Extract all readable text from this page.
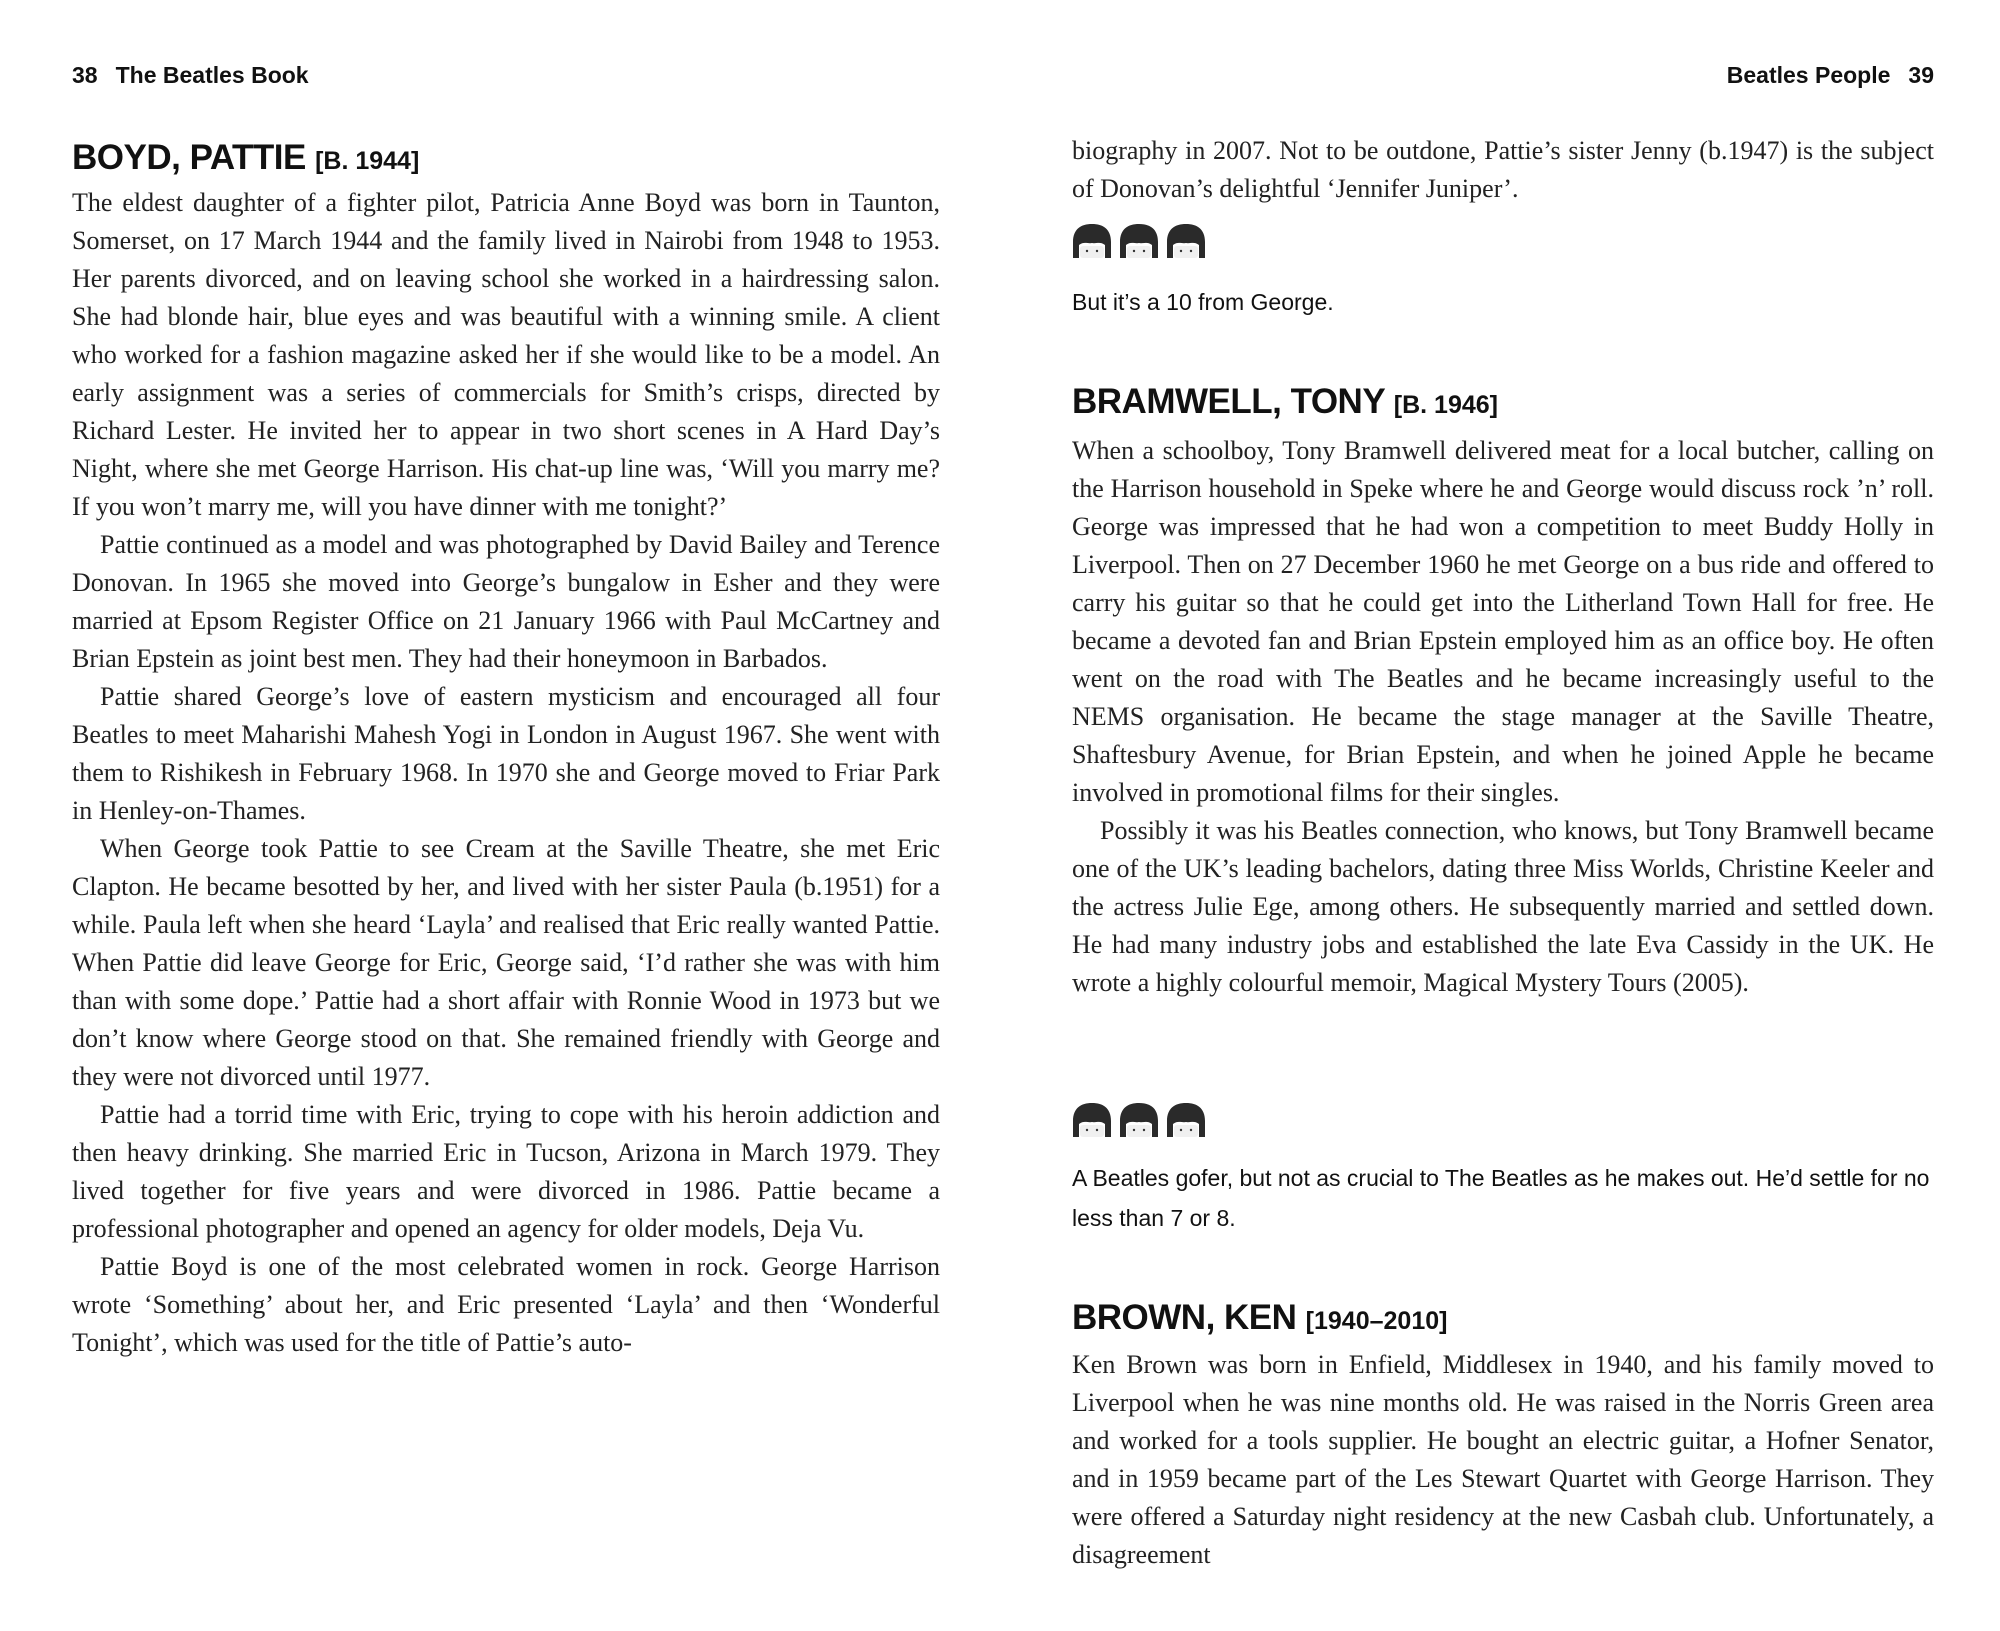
38 The Beatles Book
BOYD, PATTIE [B. 1944]

The eldest daughter of a fighter pilot, Patricia Anne Boyd was born in Taunton, Somerset, on 17 March 1944 and the family lived in Nairobi from 1948 to 1953. Her parents divorced, and on leaving school she worked in a hairdressing salon. She had blonde hair, blue eyes and was beautiful with a winning smile. A client who worked for a fashion magazine asked her if she would like to be a model. An early assignment was a series of commercials for Smith’s crisps, directed by Richard Lester. He invited her to appear in two short scenes in A Hard Day’s Night, where she met George Harrison. His chat-up line was, ‘Will you marry me? If you won’t marry me, will you have dinner with me tonight?’

Pattie continued as a model and was photographed by David Bailey and Terence Donovan. In 1965 she moved into George’s bungalow in Esher and they were married at Epsom Register Office on 21 January 1966 with Paul McCartney and Brian Epstein as joint best men. They had their honeymoon in Barbados.

Pattie shared George’s love of eastern mysticism and encouraged all four Beatles to meet Maharishi Mahesh Yogi in London in August 1967. She went with them to Rishikesh in February 1968. In 1970 she and George moved to Friar Park in Henley-on-Thames.

When George took Pattie to see Cream at the Saville Theatre, she met Eric Clapton. He became besotted by her, and lived with her sister Paula (b.1951) for a while. Paula left when she heard ‘Layla’ and realised that Eric really wanted Pattie. When Pattie did leave George for Eric, George said, ‘I’d rather she was with him than with some dope.’ Pattie had a short affair with Ronnie Wood in 1973 but we don’t know where George stood on that. She remained friendly with George and they were not divorced until 1977.

Pattie had a torrid time with Eric, trying to cope with his heroin addiction and then heavy drinking. She married Eric in Tucson, Arizona in March 1979. They lived together for five years and were divorced in 1986. Pattie became a professional photographer and opened an agency for older models, Deja Vu.

Pattie Boyd is one of the most celebrated women in rock. George Harrison wrote ‘Something’ about her, and Eric presented ‘Layla’ and then ‘Wonderful Tonight’, which was used for the title of Pattie’s auto-

Beatles People 39

biography in 2007. Not to be outdone, Pattie’s sister Jenny (b.1947) is the subject of Donovan’s delightful ‘Jennifer Juniper’.

But it’s a 10 from George.
BRAMWELL, TONY [B. 1946]

When a schoolboy, Tony Bramwell delivered meat for a local butcher, calling on the Harrison household in Speke where he and George would discuss rock ’n’ roll. George was impressed that he had won a competition to meet Buddy Holly in Liverpool. Then on 27 December 1960 he met George on a bus ride and offered to carry his guitar so that he could get into the Litherland Town Hall for free. He became a devoted fan and Brian Epstein employed him as an office boy. He often went on the road with The Beatles and he became increasingly useful to the NEMS organisation. He became the stage manager at the Saville Theatre, Shaftesbury Avenue, for Brian Epstein, and when he joined Apple he became involved in promotional films for their singles.

Possibly it was his Beatles connection, who knows, but Tony Bramwell became one of the UK’s leading bachelors, dating three Miss Worlds, Christine Keeler and the actress Julie Ege, among others. He subsequently married and settled down. He had many industry jobs and established the late Eva Cassidy in the UK. He wrote a highly colourful memoir, Magical Mystery Tours (2005).

A Beatles gofer, but not as crucial to The Beatles as he makes out. He’d settle for no less than 7 or 8.
BROWN, KEN [1940–2010]

Ken Brown was born in Enfield, Middlesex in 1940, and his family moved to Liverpool when he was nine months old. He was raised in the Norris Green area and worked for a tools supplier. He bought an electric guitar, a Hofner Senator, and in 1959 became part of the Les Stewart Quartet with George Harrison. They were offered a Saturday night residency at the new Casbah club. Unfortunately, a disagreement
